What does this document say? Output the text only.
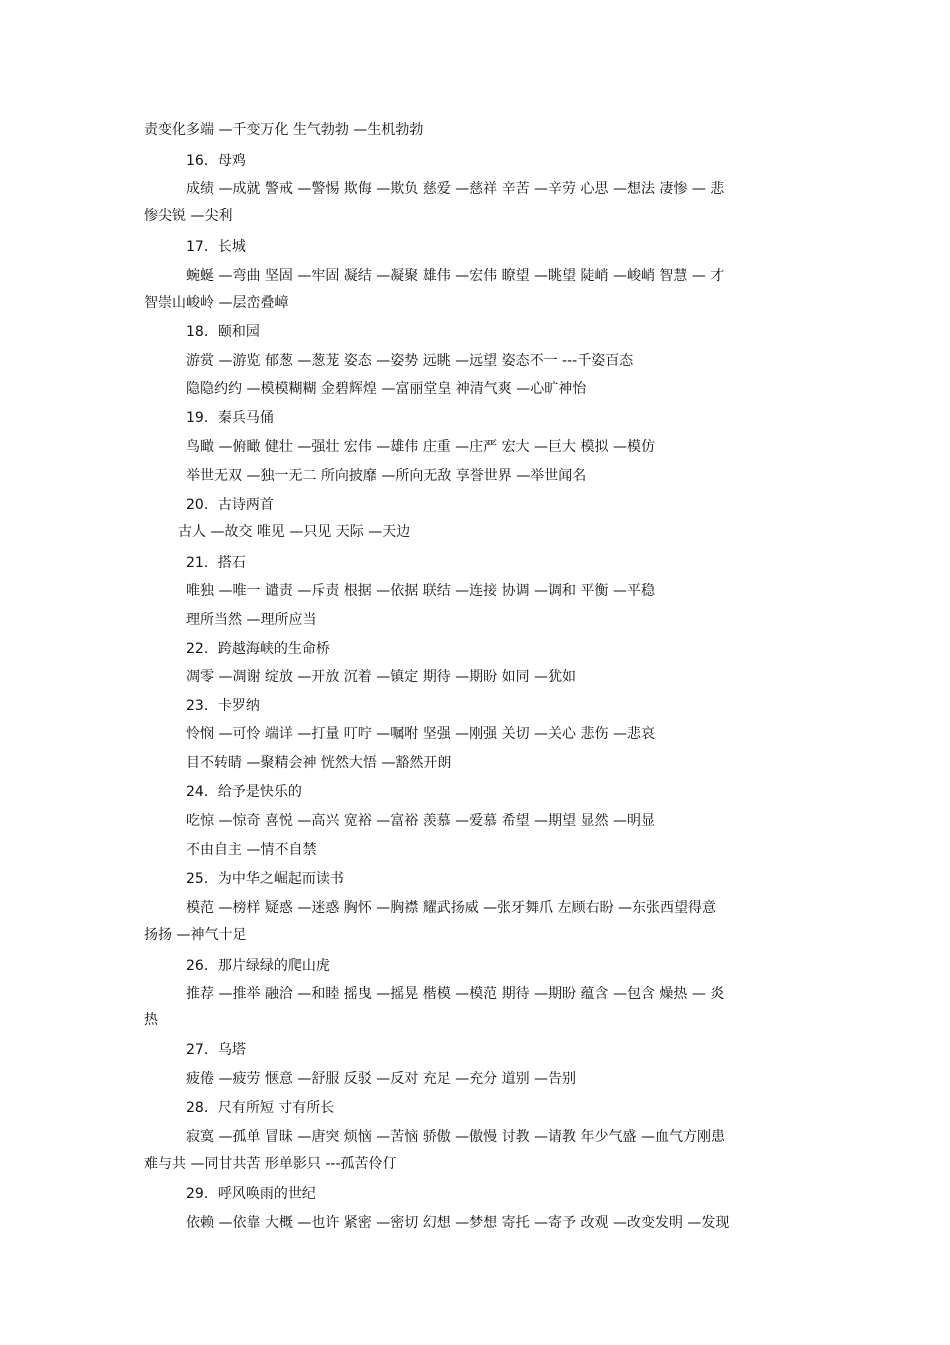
责变化多端 —千变万化 生气勃勃 —生机勃勃
16．母鸡
成绩 —成就 警戒 —警惕 欺侮 —欺负 慈爱 —慈祥 辛苦 —辛劳 心思 —想法 凄惨 — 悲
惨尖锐 —尖利
17．长城
蜿蜒 —弯曲 坚固 —牢固 凝结 —凝聚 雄伟 —宏伟 瞭望 —眺望 陡峭 —峻峭 智慧 — 才
智崇山峻岭 —层峦叠嶂
18．颐和园
游赏 —游览 郁葱 —葱茏 姿态 —姿势 远眺 —远望 姿态不一 ---千姿百态
隐隐约约 —模模糊糊 金碧辉煌 —富丽堂皇 神清气爽 —心旷神怡
19．秦兵马俑
鸟瞰 —俯瞰 健壮 —强壮 宏伟 —雄伟 庄重 —庄严 宏大 —巨大 模拟 —模仿
举世无双 —独一无二 所向披靡 —所向无敌 享誉世界 —举世闻名
20．古诗两首
古人 —故交 唯见 —只见 天际 —天边
21．搭石
唯独 —唯一 谴责 —斥责 根据 —依据 联结 —连接 协调 —调和 平衡 —平稳
理所当然 —理所应当
22．跨越海峡的生命桥
凋零 —凋谢 绽放 —开放 沉着 —镇定 期待 —期盼 如同 —犹如
23．卡罗纳
怜悯 —可怜 端详 —打量 叮咛 —嘱咐 坚强 —刚强 关切 —关心 悲伤 —悲哀
目不转睛 —聚精会神 恍然大悟 —豁然开朗
24．给予是快乐的
吃惊 —惊奇 喜悦 —高兴 宽裕 —富裕 羡慕 —爱慕 希望 —期望 显然 —明显
不由自主 —情不自禁
25．为中华之崛起而读书
模范 —榜样 疑惑 —迷惑 胸怀 —胸襟 耀武扬威 —张牙舞爪 左顾右盼 —东张西望得意
扬扬 —神气十足
26．那片绿绿的爬山虎
推荐 —推举 融洽 —和睦 摇曳 —摇晃 楷模 —模范 期待 —期盼 蕴含 —包含 燥热 — 炎
热
27．乌塔
疲倦 —疲劳 惬意 —舒服 反驳 —反对 充足 —充分 道别 —告别
28．尺有所短 寸有所长
寂寞 —孤单 冒昧 —唐突 烦恼 —苦恼 骄傲 —傲慢 讨教 —请教 年少气盛 —血气方刚患
难与共 —同甘共苦 形单影只 ---孤苦伶仃
29．呼风唤雨的世纪
依赖 —依靠 大概 —也许 紧密 —密切 幻想 —梦想 寄托 —寄予 改观 —改变发明 —发现
